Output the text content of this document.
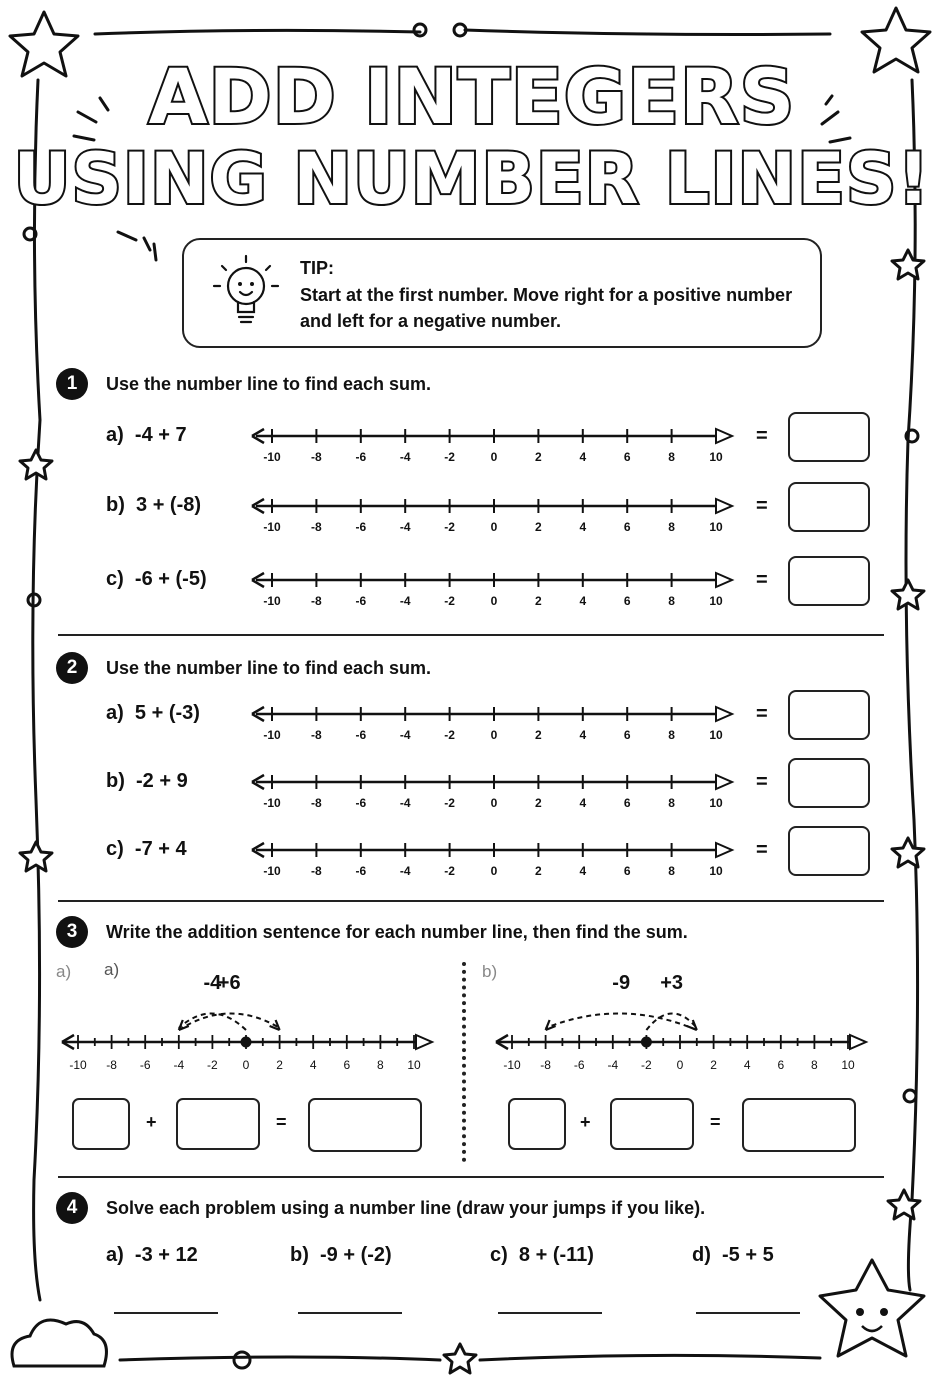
ADD INTEGERS
USING NUMBER LINES!
TIP:
Start at the first number. Move right for a positive number and left for a negative number.
1	Use the number line to find each sum.
a) -4 + 7
-10	-8	-6	-4	-2	0	2	4	6	8	10
=
b) 3 + (-8)
-10	-8	-6	-4	-2	0	2	4	6	8	10
=
c) -6 + (-5)
-10	-8	-6	-4	-2	0	2	4	6	8	10
=
2	Use the number line to find each sum.
a) 5 + (-3)
-10	-8	-6	-4	-2	0	2	4	6	8	10
=
b) -2 + 9
-10	-8	-6	-4	-2	0	2	4	6	8	10
=
c) -7 + 4
-10	-8	-6	-4	-2	0	2	4	6	8	10
=
3	Write the addition sentence for each number line, then find the sum.
a) a)	b)
-4
+6
-10	-8	-6	-4	-2	0	2	4	6	8	10
+3
-9
-10	-8	-6	-4	-2	0	2	4	6	8	10
+	=	+	=
4	Solve each problem using a number line (draw your jumps if you like).
a) -3 + 12	b) -9 + (-2)	c) 8 + (-11)	d) -5 + 5
